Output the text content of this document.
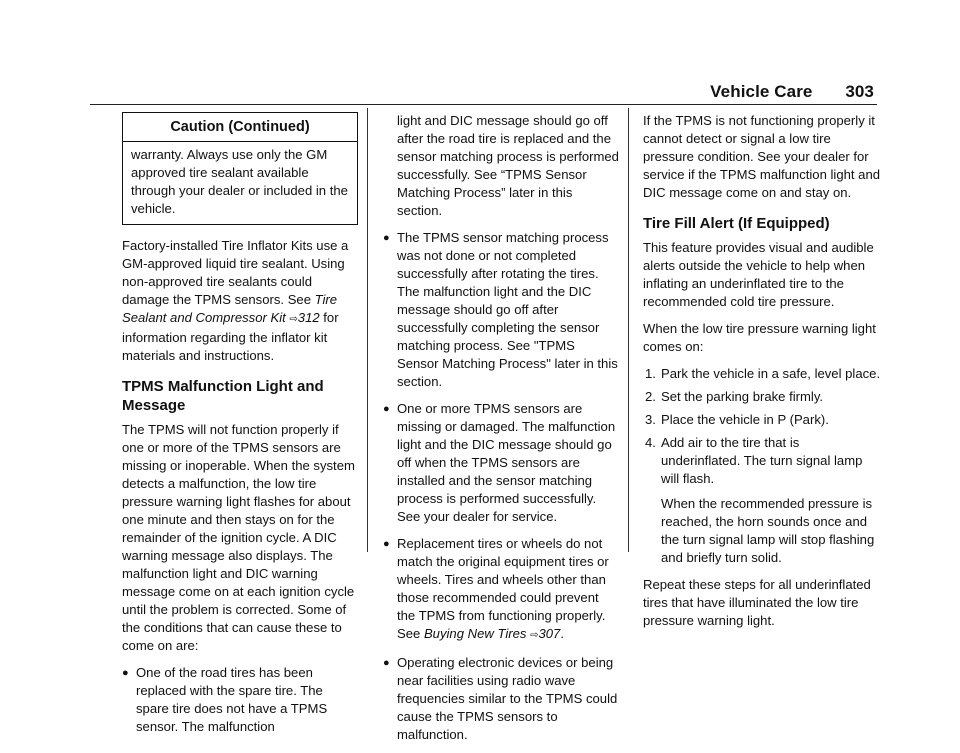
Vehicle Care 303
Caution (Continued)
warranty. Always use only the GM approved tire sealant available through your dealer or included in the vehicle.

Factory-installed Tire Inflator Kits use a GM-approved liquid tire sealant. Using non-approved tire sealants could damage the TPMS sensors. See Tire Sealant and Compressor Kit ⇨312 for information regarding the inflator kit materials and instructions.

TPMS Malfunction Light and Message

The TPMS will not function properly if one or more of the TPMS sensors are missing or inoperable. When the system detects a malfunction, the low tire pressure warning light flashes for about one minute and then stays on for the remainder of the ignition cycle. A DIC warning message also displays. The malfunction light and DIC warning message come on at each ignition cycle until the problem is corrected. Some of the conditions that can cause these to come on are:

● One of the road tires has been replaced with the spare tire. The spare tire does not have a TPMS sensor. The malfunction

light and DIC message should go off after the road tire is replaced and the sensor matching process is performed successfully. See “TPMS Sensor Matching Process” later in this section.

● The TPMS sensor matching process was not done or not completed successfully after rotating the tires. The malfunction light and the DIC message should go off after successfully completing the sensor matching process. See "TPMS Sensor Matching Process" later in this section.
● One or more TPMS sensors are missing or damaged. The malfunction light and the DIC message should go off when the TPMS sensors are installed and the sensor matching process is performed successfully. See your dealer for service.
● Replacement tires or wheels do not match the original equipment tires or wheels. Tires and wheels other than those recommended could prevent the TPMS from functioning properly. See Buying New Tires ⇨307.
● Operating electronic devices or being near facilities using radio wave frequencies similar to the TPMS could cause the TPMS sensors to malfunction.

If the TPMS is not functioning properly it cannot detect or signal a low tire pressure condition. See your dealer for service if the TPMS malfunction light and DIC message come on and stay on.

Tire Fill Alert (If Equipped)

This feature provides visual and audible alerts outside the vehicle to help when inflating an underinflated tire to the recommended cold tire pressure.

When the low tire pressure warning light comes on:

1. Park the vehicle in a safe, level place.
2. Set the parking brake firmly.
3. Place the vehicle in P (Park).
4. Add air to the tire that is underinflated. The turn signal lamp will flash.
When the recommended pressure is reached, the horn sounds once and the turn signal lamp will stop flashing and briefly turn solid.

Repeat these steps for all underinflated tires that have illuminated the low tire pressure warning light.
